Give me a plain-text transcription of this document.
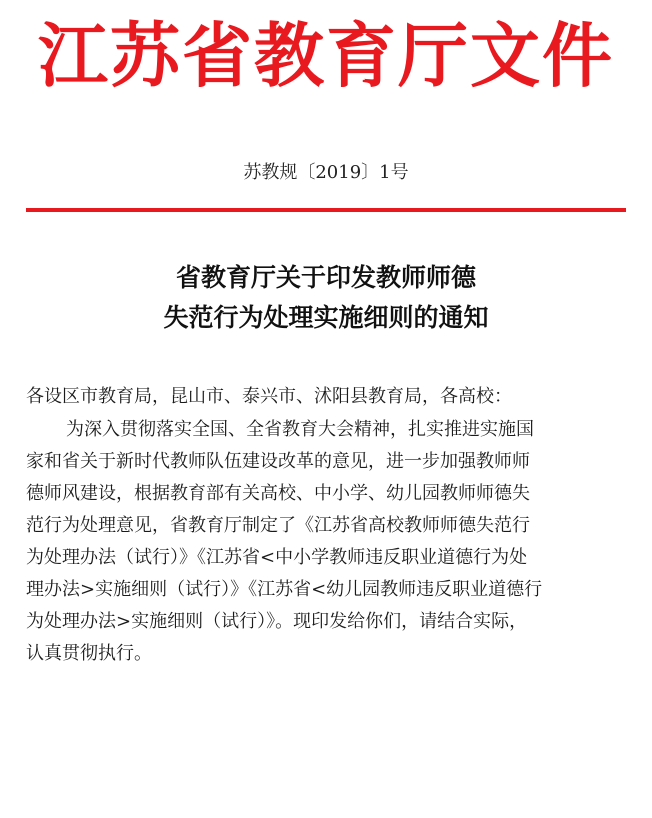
江苏省教育厅文件
苏教规〔2019〕1号
省教育厅关于印发教师师德
失范行为处理实施细则的通知
各设区市教育局，昆山市、泰兴市、沭阳县教育局，各高校：
为深入贯彻落实全国、全省教育大会精神，扎实推进实施国
家和省关于新时代教师队伍建设改革的意见，进一步加强教师师
德师风建设，根据教育部有关高校、中小学、幼儿园教师师德失
范行为处理意见，省教育厅制定了《江苏省高校教师师德失范行
为处理办法（试行）》《江苏省<中小学教师违反职业道德行为处
理办法>实施细则（试行）》《江苏省<幼儿园教师违反职业道德行
为处理办法>实施细则（试行）》。现印发给你们，请结合实际，
认真贯彻执行。
